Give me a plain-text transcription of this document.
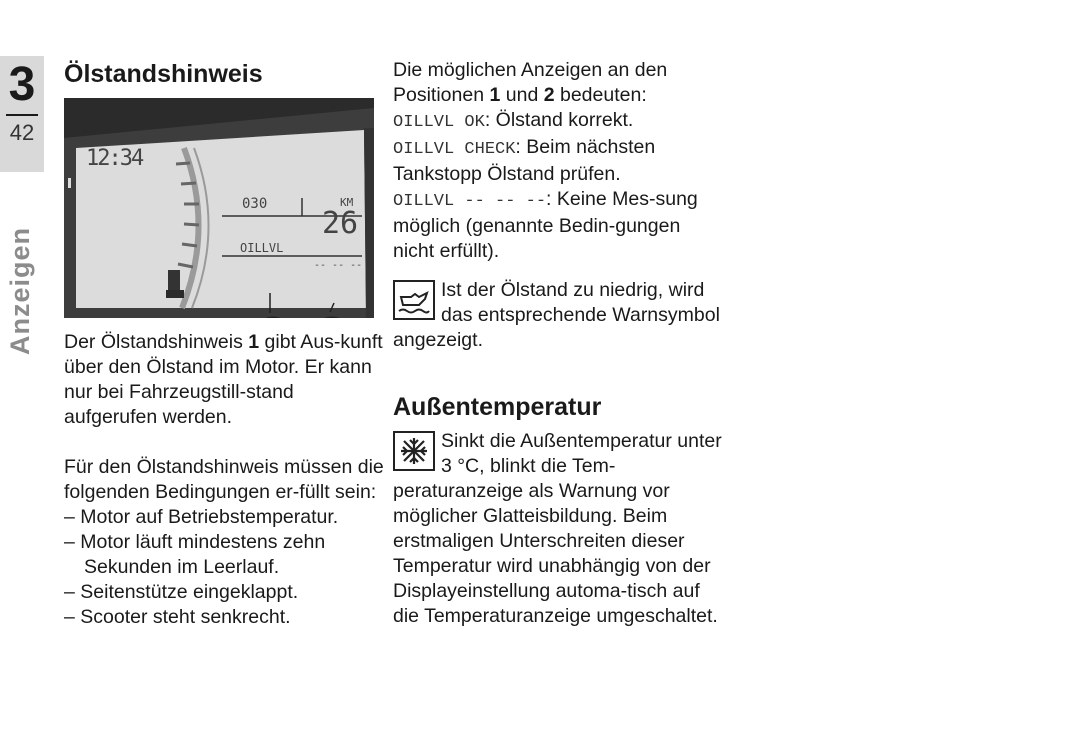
3
42
Anzeigen
Ölstandshinweis
12:34
030	KM
26
OILLVL
-- -- --

Der Ölstandshinweis 1 gibt Aus-kunft über den Ölstand im Motor. Er kann nur bei Fahrzeugstill-stand aufgerufen werden.

Für den Ölstandshinweis müssen die folgenden Bedingungen er-füllt sein:

– Motor auf Betriebstemperatur.
– Motor läuft mindestens zehn Sekunden im Leerlauf.
– Seitenstütze eingeklappt.
– Scooter steht senkrecht.

Die möglichen Anzeigen an den Positionen 1 und 2 bedeuten:

OILLVL OK: Ölstand korrekt.

OILLVL CHECK: Beim nächsten Tankstopp Ölstand prüfen.

OILLVL -- -- --: Keine Mes-sung möglich (genannte Bedin-gungen nicht erfüllt).

Ist der Ölstand zu niedrig, wird das entsprechende Warnsymbol angezeigt.

Außentemperatur

Sinkt die Außentemperatur unter 3 °C, blinkt die Tem-peraturanzeige als Warnung vor möglicher Glatteisbildung. Beim erstmaligen Unterschreiten dieser Temperatur wird unabhängig von der Displayeinstellung automa-tisch auf die Temperaturanzeige umgeschaltet.
